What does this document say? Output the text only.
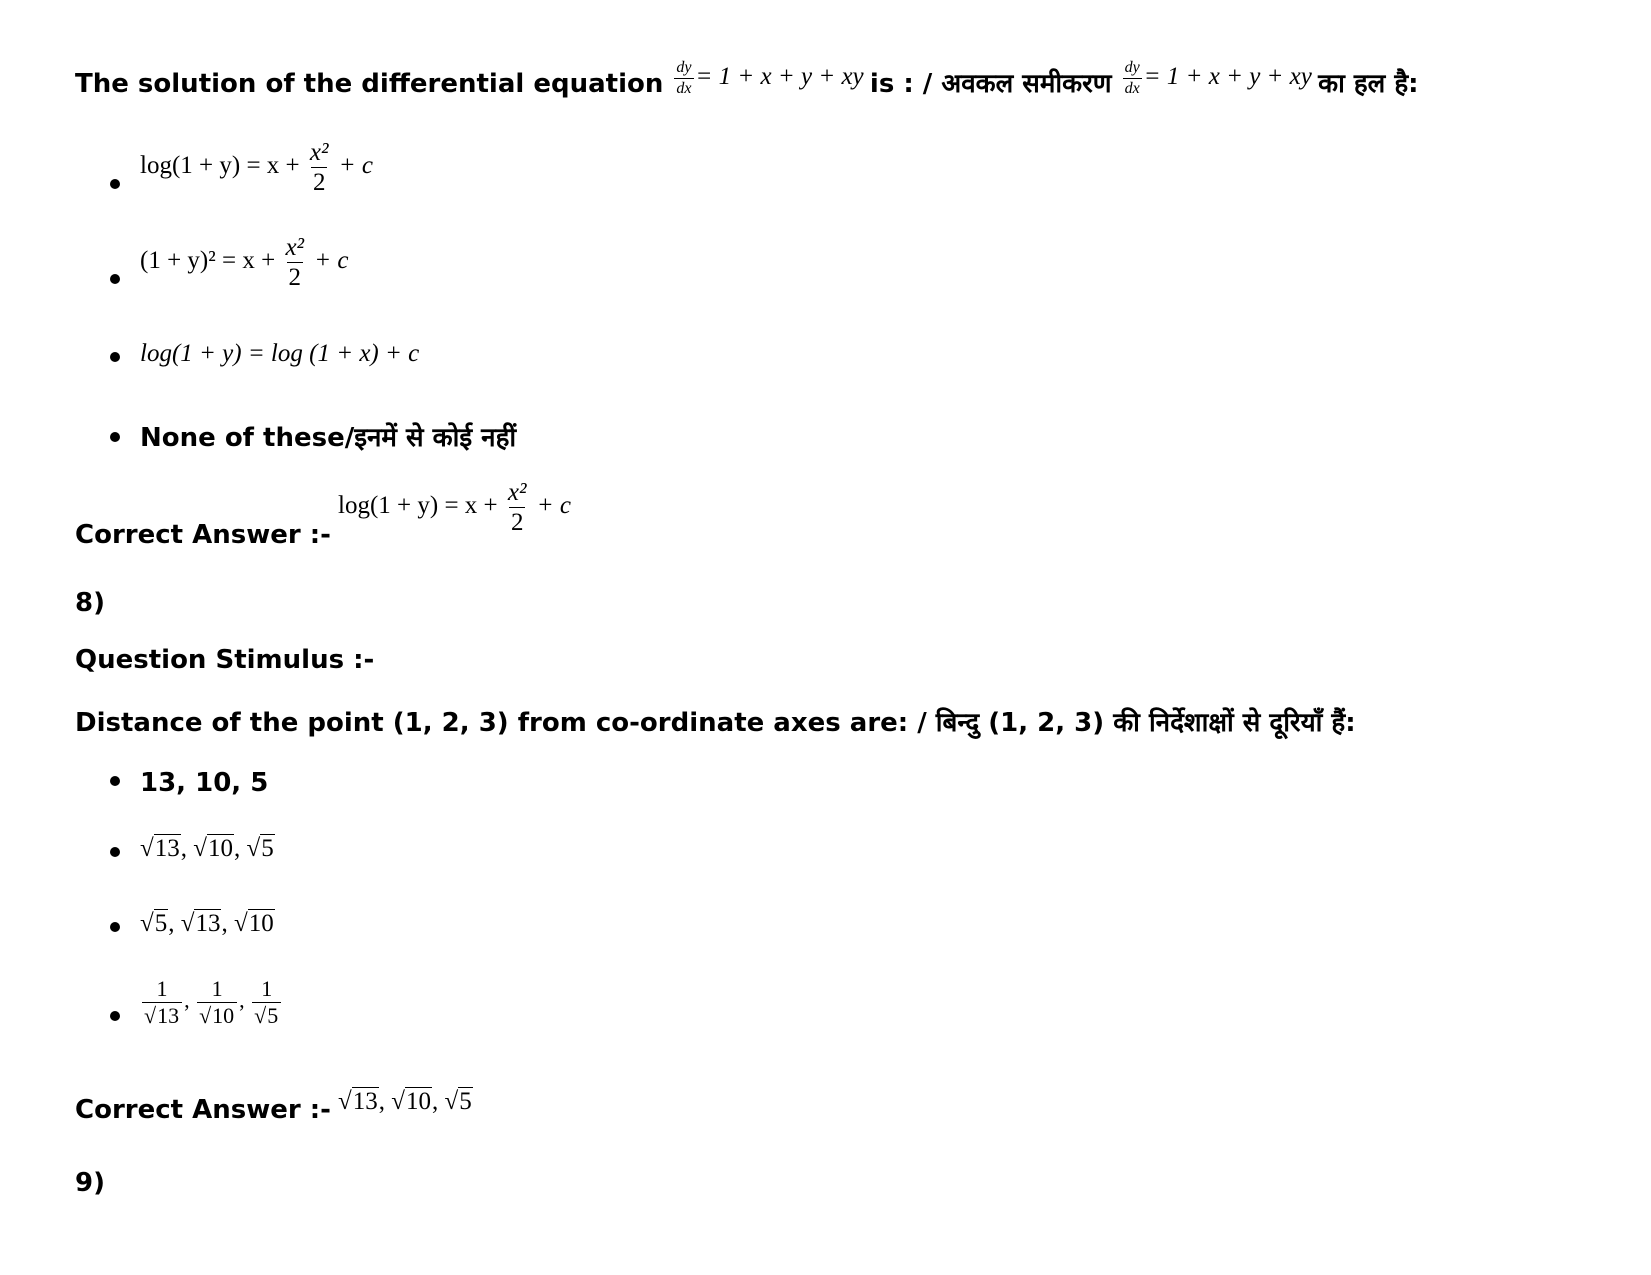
The solution of the differential equation $\frac{dy}{dx} = 1 + x + y$ + xy is : / अवकल समीकरण $\frac{dy}{dx} = 1 + x + y$ + xy का हल है:
$\log(1 + y) = x + \frac{\text{x²}}{2} + c$
$(1 + y)^2 = x + \frac{\text{x²}}{2} + c$
log(1 + y) = log (1 + x) + c
None of these/इनमें से कोई नहीं
Correct Answer :-
$\log(1 + y) = x + \frac{\text{x²}}{2} + c$
8)
Question Stimulus :-
Distance of the point (1, 2, 3) from co-ordinate axes are: / बिन्दु (1, 2, 3) की निर्देशाक्षों से दूरियाँ हैं:
13, 10, 5
√13, √10, √5
√5, √13, √10
$\frac{1}{√13}$ , $\frac{1}{√10}$ , $\frac{1}{√5}$
Correct Answer :- √13, √10, √5
9)
